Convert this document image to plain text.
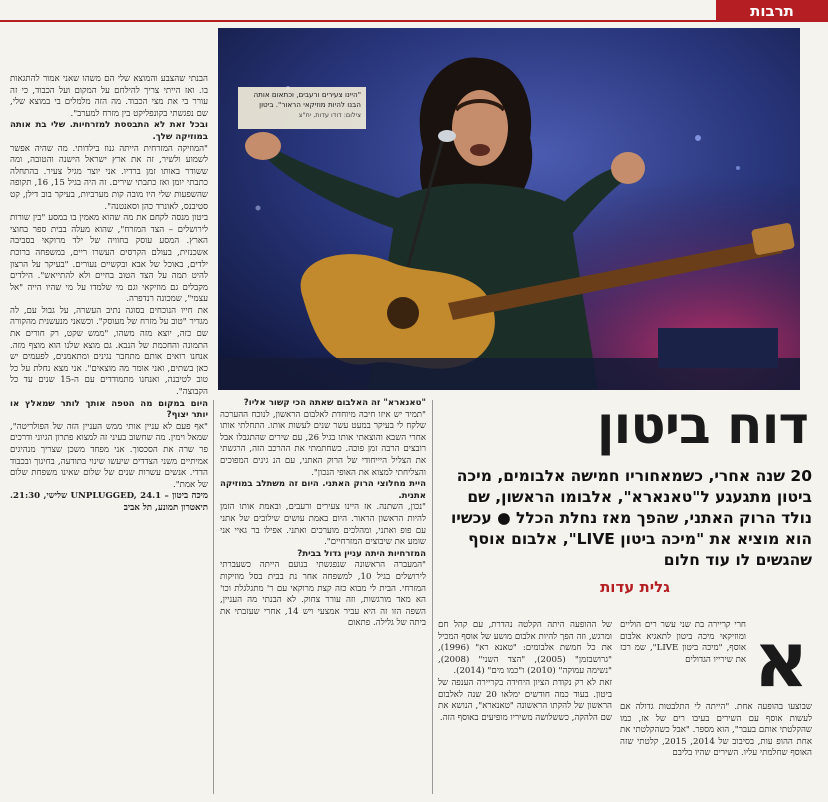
תרבות
"היינו צעירים ורעבים, וכתאום אותה הבנו להיות מוזיקאי הראור". ביטון
צילום: דודו עדות, יח"צ
דוח ביטון
20 שנה אחרי, כשמאחוריו חמישה אלבומים, מיכה ביטון מתגעגע ל"טאנארא", אלבומו הראשון, שם נולד הרוק האתני, שהפך מאז נחלת הכלל ● עכשיו הוא מוציא את "מיכה ביטון LIVE", אלבום אוסף שהגשים לו עוד חלום
גלית עדות
א

הבנתי שהצבע והמוצא שלי הם משהו שאני אמור להתגאות בו. ואז הייתי צריך להילחם על המקום ועל הכבוד, כי זה עורר בי את מצי הכבוד. מה הזה מלמלים בי במוצא שלי, שם נפגשתי בקונפליקט בין מזרח למערב".

ובכל זאת לא התבססת למזרחיות. שלי בת אותה במוזיקה שלך.

"המוזיקה המזרחית הייתה גנוז בילדותי. מה שהיה אפשר לשמוע ולשיר, זה את ארץ ישראל הישנה והטובה, ומה ששודר באותו זמן ברדיו. אני יוצר מגיל צעיר. בהתחלה כתבתי יומן ואז כתבתי שירים. זה היה בגיל 15, 16, תקופה שהשפעות שלי היו מובה קות מערביות, בעיקר בוב דילן, קט סטיבנס, לאונרד כהן וסאנטנה".

ביטון מנסה לקחם את מה שהוא מאמין בו במסע "בין שורות לירושלים – הצד המזרח", שהוא מעלה בבית ספר בחוצי הארץ. המסע עוסק בחוויה של ילד מרוקאי בסביבה אשכנזית, בעולם הקרסים העשרו ריים, במשפחה ברוכת ילדים, באוכל של אבא ובקשיים נעורים. "בעיקר על הרצון להיט תמה על הצד הטוב בחיים ולא להתייאש". הילדים מקבלים גם מוזיקאי וגם מי שלמדו על מי שהיו הייה "אל עצמי", שמכונה רנדפרה.

את חייו הנוכחים בסוגה נתיב העשרה, על גבול עם, לה מגדיר "טוב על מזרח של מעוסק". וכשאני מנעשנית מהקורה שם כזה, יוצא מזה משהו, "ממש שקט, רק חורים את התמונה והחכמת של הנבא. גם מוצא שלנו הוא מוצף מזה. אנחנו רואים אותם מתחבר נגינים ומתאמנים, לפעמים יש כאן בשתים, ואני אומר מה מוצאים". אני מצא נחלת על כל טוב לטיבנה, ואנחנו מתמודדים עם ה-15 שנים עד כל הקבוצה".

היום במקום מה הטפה אותך לותר שמאלץ או יותר יצוף?

"אף פעם לא עניין אותי ממש העניין הזה של הפולריטה", שמאל וימין. מה שחשוב בעיני זה למצוא פתרון הגיוני ודרכים פר שרה את הסכסוך. אני מפחד משכן שצריך מנהיגים אמיתיים משני הצדדים שיעשו שינוי בתודעה, בחינוך ובכבוד הדדי. אנשים עשרות שנים של שלום שאינו משפחת שלום של אמת".

מיכה ביטון – UNPLUGGED, 24.1 שלישי, 21:30. תיאטרון תמונע, תל אביב

"טאנארא" זה האלבום שאתה הכי קשור אליו?

"תמיד יש איזו חיבה מיוחדת לאלבום הראשון, לנוכח ההערכה שלקח לי בעיקר במעט עשר שנים לעשות אותו. התחלתי אותו אחרי השבא והוצאתי אותו בגיל 26, עם שירים שהתגבלו אבל רובצים הרבה זמן פוכה. כשחתמתי את ההרכב הזה, הרגשתי את הצליל היייחודי של הרוק האתני, עם הנ גינים המפוכים והצליחתי למצוא את האופי הנכון".

היית מחלוצי הרוק האתני. היום זה משתלב במוזיקה אתנית.

"נכון, השתנה. אז היינו צעירים ורעבים, ובאמת אותו הזמן להיות הראשון הראור. היום באמת עושים שילובים של אתני עם פופ ואתני, ומהלכים מוערכים ואתני. אפילו בר גאיי אני שומע את שיבוצים המזרחיים".

המזרחיות היתה עניין גדול בבית?

"המעברה הראשונה שנפגשתי בנועם הייתה כשעברתי לירושלים בגיל 10, למשפחה אחר נת בבית בסל מוזיקות המזרחי. הבית לי מבוא כזה קצת מרוקאי עם ר' מתגלגלת וכו' הא מאד מורגשות, וזה עורר צחוק. לא הבנתי מה העניין, השפה הזו זה היא עביר אמצעי ויש 14, אחרי שעזבתי את ביתה של גלילה. פתאום של ההופעה היתה הקלטה נהדרת, עם קהל חם ומרגש, וזה הפך להיות אלבום מושע של אוסף המכיל את כל חמשת אלבומים: "טאנא רא" (1996), "גרושבזמן" (2005), "הצד השני" (2008), "נשימה עמוקה" (2010) ו"כמו מים" (2014).

זאת לא רק נקודת הציון היחידה בקריירה הענפה של ביטון. בעוד כמה חודשים ימלאו 20 שנה לאלבום הראשון של להקתו הראשונה "טאנארא", הנושא את שם הלהקה, כששלושה משיריו מופיעים באוסף הזה.

חרי קריירה בת שני עשר רים הוליים ומוזיקאי מיכה ביטון לתאגיא אלבום אוסף, "מיכה ביטון LIVE", שמ רכז את שירייו הגדולים

שבוצעו בהופעה אחת. "הייתה לי התלבטות גדולה אם לעשות אוסף עם השירים בעיבו רים של אז, כמו שהקלטתי אותם בעבר", הוא מספר. "אבל כשהקלטתי את אחת ההופ עות, בסיבוב של 2014, 2015, קלטתי שזה האוסף שחלמתי עליו. השירים שהיו בליבם
